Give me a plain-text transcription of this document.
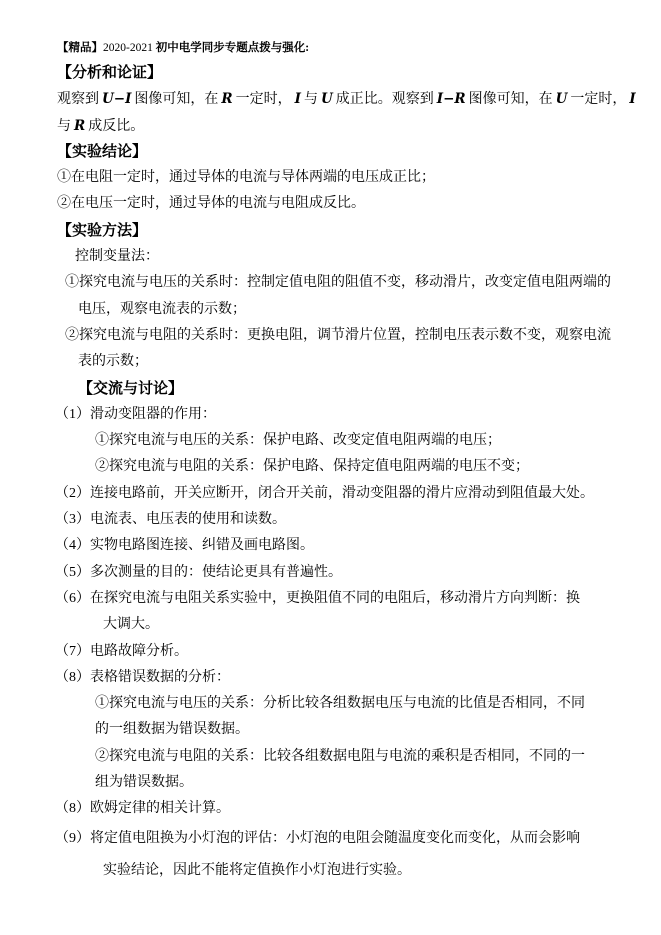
【精品】2020-2021 初中电学同步专题点拨与强化:

【分析和论证】

观察到 U−I 图像可知，在 R 一定时， I 与 U 成正比。观察到 I−R 图像可知，在 U 一定时， I

与 R 成反比。

【实验结论】

①在电阻一定时，通过导体的电流与导体两端的电压成正比；

②在电压一定时，通过导体的电流与电阻成反比。

【实验方法】

控制变量法：

①探究电流与电压的关系时：控制定值电阻的阻值不变，移动滑片，改变定值电阻两端的

电压，观察电流表的示数；

②探究电流与电阻的关系时：更换电阻，调节滑片位置，控制电压表示数不变，观察电流

表的示数；

【交流与讨论】

（1）滑动变阻器的作用：

①探究电流与电压的关系：保护电路、改变定值电阻两端的电压；

②探究电流与电阻的关系：保护电路、保持定值电阻两端的电压不变；

（2）连接电路前，开关应断开，闭合开关前，滑动变阻器的滑片应滑动到阻值最大处。

（3）电流表、电压表的使用和读数。

（4）实物电路图连接、纠错及画电路图。

（5）多次测量的目的：使结论更具有普遍性。

（6）在探究电流与电阻关系实验中，更换阻值不同的电阻后，移动滑片方向判断：换

大调大。

（7）电路故障分析。

（8）表格错误数据的分析：

①探究电流与电压的关系：分析比较各组数据电压与电流的比值是否相同，不同

的一组数据为错误数据。

②探究电流与电阻的关系：比较各组数据电阻与电流的乘积是否相同，不同的一

组为错误数据。

（8）欧姆定律的相关计算。

（9）将定值电阻换为小灯泡的评估：小灯泡的电阻会随温度变化而变化，从而会影响

实验结论，因此不能将定值换作小灯泡进行实验。
